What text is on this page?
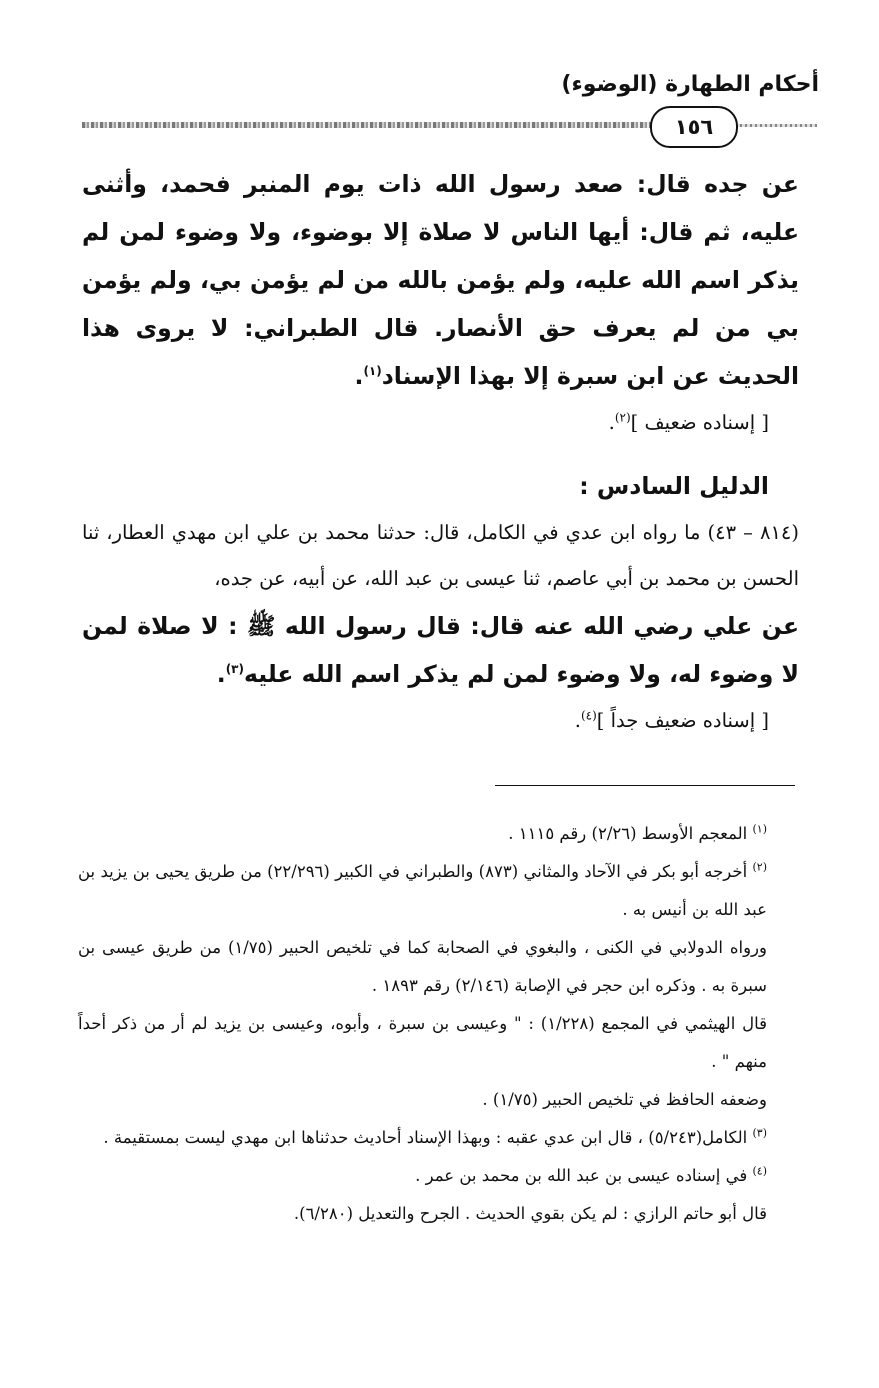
أحكام الطهارة (الوضوء)
١٥٦

عن جده قال: صعد رسول الله ذات يوم المنبر فحمد، وأثنى عليه، ثم قال: أيها الناس لا صلاة إلا بوضوء، ولا وضوء لمن لم يذكر اسم الله عليه، ولم يؤمن بالله من لم يؤمن بي، ولم يؤمن بي من لم يعرف حق الأنصار. قال الطبراني: لا يروى هذا الحديث عن ابن سبرة إلا بهذا الإسناد$^{(١)}$.

[ إسناده ضعيف ]$^{(٢)}$.

الدليل السادس :

(٨١٤ – ٤٣) ما رواه ابن عدي في الكامل، قال: حدثنا محمد بن علي ابن مهدي العطار، ثنا الحسن بن محمد بن أبي عاصم، ثنا عيسى بن عبد الله، عن أبيه، عن جده،

عن علي رضي الله عنه قال: قال رسول الله ﷺ : لا صلاة لمن لا وضوء له، ولا وضوء لمن لم يذكر اسم الله عليه$^{(٣)}$.

[ إسناده ضعيف جداً ]$^{(٤)}$.

$^{(١)}$ المعجم الأوسط (٢/٢٦) رقم ١١١٥ .

$^{(٢)}$ أخرجه أبو بكر في الآحاد والمثاني (٨٧٣) والطبراني في الكبير (٢٢/٢٩٦) من طريق يحيى بن يزيد بن عبد الله بن أنيس به .

ورواه الدولابي في الكنى ، والبغوي في الصحابة كما في تلخيص الحبير (١/٧٥) من طريق عيسى بن سبرة به . وذكره ابن حجر في الإصابة (٢/١٤٦) رقم ١٨٩٣ .

قال الهيثمي في المجمع (١/٢٢٨) : " وعيسى بن سبرة ، وأبوه، وعيسى بن يزيد لم أر من ذكر أحداً منهم " .

وضعفه الحافظ في تلخيص الحبير (١/٧٥) .

$^{(٣)}$ الكامل(٥/٢٤٣) ، قال ابن عدي عقبه : وبهذا الإسناد أحاديث حدثناها ابن مهدي ليست بمستقيمة .

$^{(٤)}$ في إسناده عيسى بن عبد الله بن محمد بن عمر .

قال أبو حاتم الرازي : لم يكن بقوي الحديث . الجرح والتعديل (٦/٢٨٠).
